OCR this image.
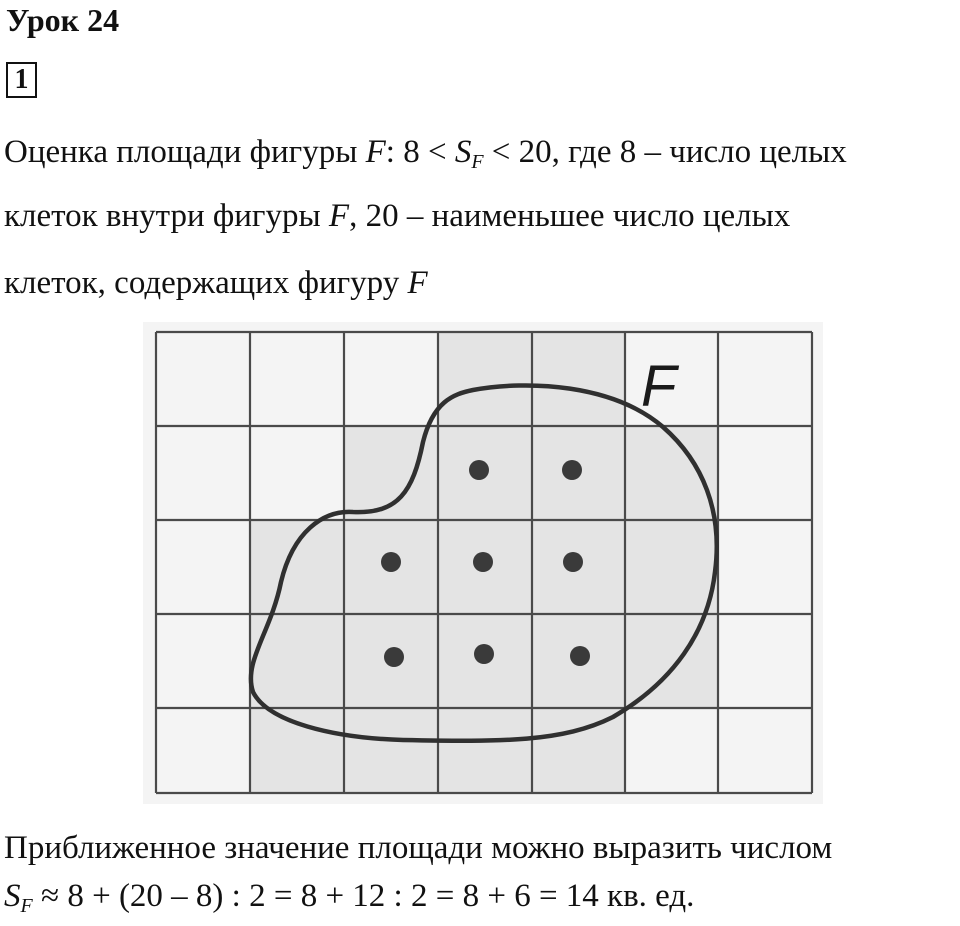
Урок 24
1
Оценка площади фигуры F: $8 < S_F < 20$, где 8 – число целых
клеток внутри фигуры F, 20 – наименьшее число целых
клеток, содержащих фигуру F
F
Приближенное значение площади можно выразить числом
$S_F \approx 8 + (20 - 8)$ : 2 = 8 + 12 : 2 = 8 + 6 = 14 кв. ед.
